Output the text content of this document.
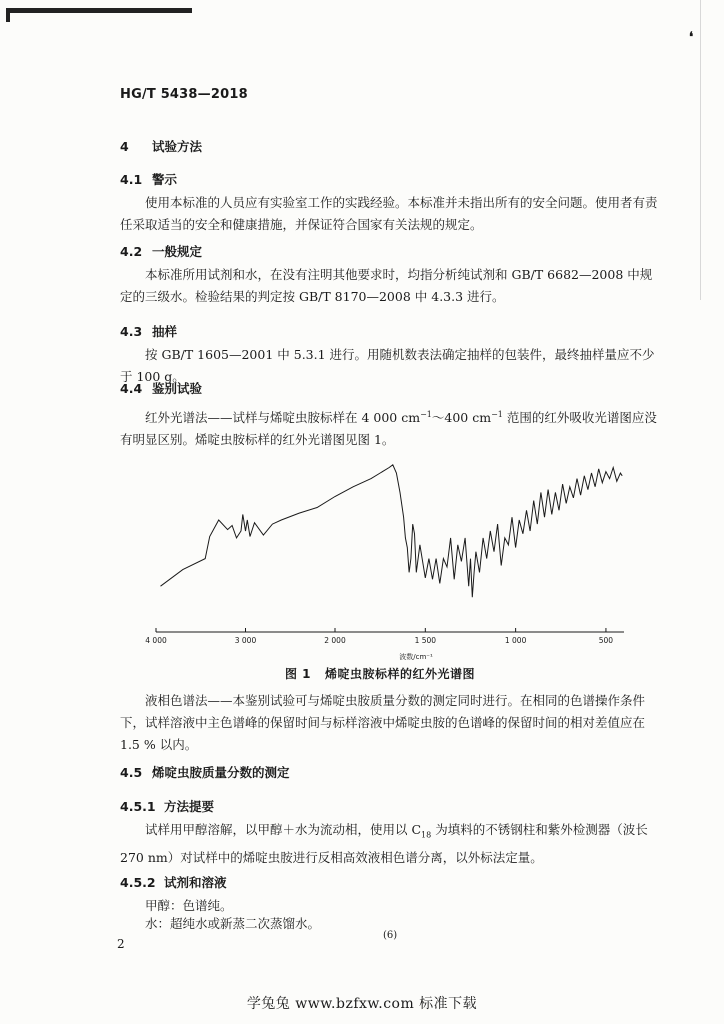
❛
HG/T 5438—2018
4 试验方法
4.1 警示
使用本标准的人员应有实验室工作的实践经验。本标准并未指出所有的安全问题。使用者有责任采取适当的安全和健康措施，并保证符合国家有关法规的规定。
4.2 一般规定
本标准所用试剂和水，在没有注明其他要求时，均指分析纯试剂和 GB/T 6682—2008 中规定的三级水。检验结果的判定按 GB/T 8170—2008 中 4.3.3 进行。
4.3 抽样
按 GB/T 1605—2001 中 5.3.1 进行。用随机数表法确定抽样的包装件，最终抽样量应不少于 100 g。
4.4 鉴别试验
红外光谱法——试样与烯啶虫胺标样在 4 000 $cm^{-1}\sim 400$ $cm^{-1}$ 范围的红外吸收光谱图应没有明显区别。烯啶虫胺标样的红外光谱图见图 1。
4 000	3 000	2 000	1 500	1 000	500
波数/cm⁻¹
图 1 烯啶虫胺标样的红外光谱图
液相色谱法——本鉴别试验可与烯啶虫胺质量分数的测定同时进行。在相同的色谱操作条件下，试样溶液中主色谱峰的保留时间与标样溶液中烯啶虫胺的色谱峰的保留时间的相对差值应在 1.5 % 以内。
4.5 烯啶虫胺质量分数的测定
4.5.1 方法提要
试样用甲醇溶解，以甲醇＋水为流动相，使用以 $C_{18}$ 为填料的不锈钢柱和紫外检测器（波长 270 nm）对试样中的烯啶虫胺进行反相高效液相色谱分离，以外标法定量。
4.5.2 试剂和溶液
甲醇：色谱纯。
水：超纯水或新蒸二次蒸馏水。
2
(6)
学兔兔 www.bzfxw.com 标准下载
